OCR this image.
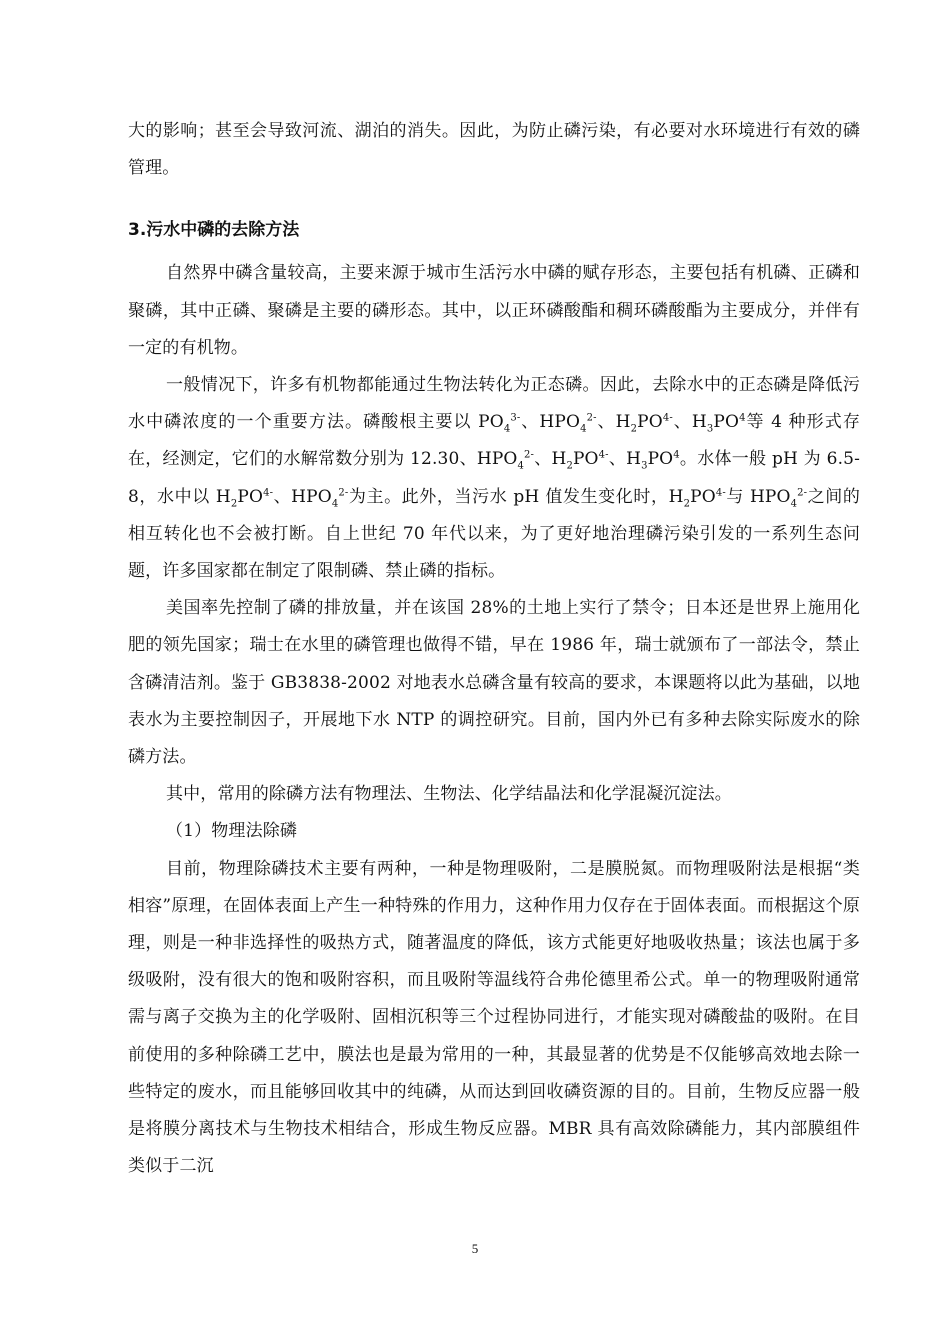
大的影响；甚至会导致河流、湖泊的消失。因此，为防止磷污染，有必要对水环境进行有效的磷管理。

3.污水中磷的去除方法

自然界中磷含量较高，主要来源于城市生活污水中磷的赋存形态，主要包括有机磷、正磷和聚磷，其中正磷、聚磷是主要的磷形态。其中，以正环磷酸酯和稠环磷酸酯为主要成分，并伴有一定的有机物。

一般情况下，许多有机物都能通过生物法转化为正态磷。因此，去除水中的正态磷是降低污水中磷浓度的一个重要方法。磷酸根主要以 $PO_4^{3-}$、$HPO_4^{2-}$、$H_2PO^{4-}$、$H_3PO^4$等 4 种形式存在，经测定，它们的水解常数分别为 12.30、$HPO_4^{2-}$、$H_2PO^{4-}$、$H_3PO^4$。水体一般 pH 为 6.5-8，水中以 $H_2PO^{4-}$、$HPO_4^{2-}$为主。此外，当污水 pH 值发生变化时，$H_2PO^{4-}$与 $HPO_4^{2-}$之间的相互转化也不会被打断。自上世纪 70 年代以来，为了更好地治理磷污染引发的一系列生态问题，许多国家都在制定了限制磷、禁止磷的指标。

美国率先控制了磷的排放量，并在该国 28%的土地上实行了禁令；日本还是世界上施用化肥的领先国家；瑞士在水里的磷管理也做得不错，早在 1986 年，瑞士就颁布了一部法令，禁止含磷清洁剂。鉴于 GB3838-2002 对地表水总磷含量有较高的要求，本课题将以此为基础，以地表水为主要控制因子，开展地下水 NTP 的调控研究。目前，国内外已有多种去除实际废水的除磷方法。

其中，常用的除磷方法有物理法、生物法、化学结晶法和化学混凝沉淀法。

（1）物理法除磷

目前，物理除磷技术主要有两种，一种是物理吸附，二是膜脱氮。而物理吸附法是根据“类相容”原理，在固体表面上产生一种特殊的作用力，这种作用力仅存在于固体表面。而根据这个原理，则是一种非选择性的吸热方式，随著温度的降低，该方式能更好地吸收热量；该法也属于多级吸附，没有很大的饱和吸附容积，而且吸附等温线符合弗伦德里希公式。单一的物理吸附通常需与离子交换为主的化学吸附、固相沉积等三个过程协同进行，才能实现对磷酸盐的吸附。在目前使用的多种除磷工艺中，膜法也是最为常用的一种，其最显著的优势是不仅能够高效地去除一些特定的废水，而且能够回收其中的纯磷，从而达到回收磷资源的目的。目前，生物反应器一般是将膜分离技术与生物技术相结合，形成生物反应器。MBR 具有高效除磷能力，其内部膜组件类似于二沉

5
